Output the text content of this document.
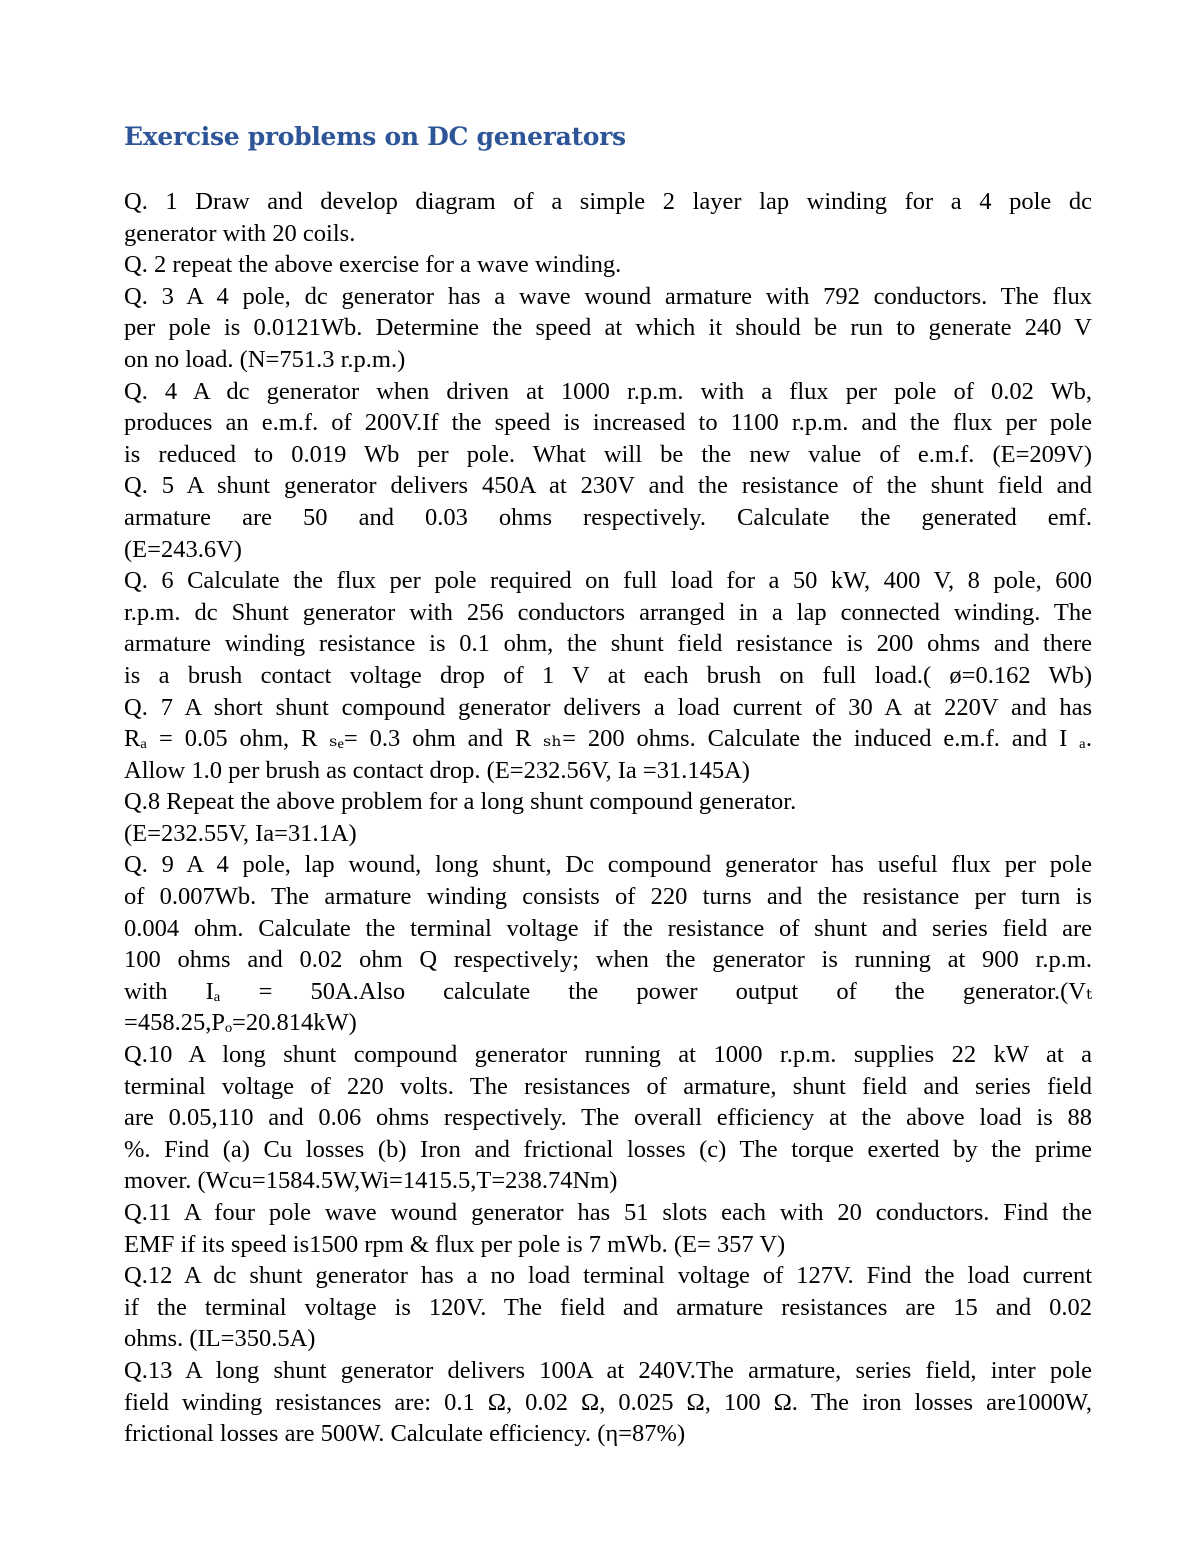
Exercise problems on DC generators
Q. 1 Draw and develop diagram of a simple 2 layer lap winding for a 4 pole dc
generator with 20 coils.
Q. 2 repeat the above exercise for a wave winding.
Q. 3 A 4 pole, dc generator has a wave wound armature with 792 conductors. The flux
per pole is 0.0121Wb. Determine the speed at which it should be run to generate 240 V
on no load. (N=751.3 r.p.m.)
Q. 4 A dc generator when driven at 1000 r.p.m. with a flux per pole of 0.02 Wb,
produces an e.m.f. of 200V.If the speed is increased to 1100 r.p.m. and the flux per pole
is reduced to 0.019 Wb per pole. What will be the new value of e.m.f. (E=209V)
Q. 5 A shunt generator delivers 450A at 230V and the resistance of the shunt field and
armature are 50 and 0.03 ohms respectively. Calculate the generated emf.
(E=243.6V)
Q. 6 Calculate the flux per pole required on full load for a 50 kW, 400 V, 8 pole, 600
r.p.m. dc Shunt generator with 256 conductors arranged in a lap connected winding. The
armature winding resistance is 0.1 ohm, the shunt field resistance is 200 ohms and there
is a brush contact voltage drop of 1 V at each brush on full load.( ø=0.162 Wb)
Q. 7 A short shunt compound generator delivers a load current of 30 A at 220V and has
Rₐ = 0.05 ohm, R ₛₑ= 0.3 ohm and R ₛₕ= 200 ohms. Calculate the induced e.m.f. and I ₐ.
Allow 1.0 per brush as contact drop. (E=232.56V, Ia =31.145A)
Q.8 Repeat the above problem for a long shunt compound generator.
(E=232.55V, Ia=31.1A)
Q. 9 A 4 pole, lap wound, long shunt, Dc compound generator has useful flux per pole
of 0.007Wb. The armature winding consists of 220 turns and the resistance per turn is
0.004 ohm. Calculate the terminal voltage if the resistance of shunt and series field are
100 ohms and 0.02 ohm Q respectively; when the generator is running at 900 r.p.m.
with Iₐ = 50A.Also calculate the power output of the generator.(Vₜ
=458.25,Pₒ=20.814kW)
Q.10 A long shunt compound generator running at 1000 r.p.m. supplies 22 kW at a
terminal voltage of 220 volts. The resistances of armature, shunt field and series field
are 0.05,110 and 0.06 ohms respectively. The overall efficiency at the above load is 88
%. Find (a) Cu losses (b) Iron and frictional losses (c) The torque exerted by the prime
mover. (Wcu=1584.5W,Wi=1415.5,T=238.74Nm)
Q.11 A four pole wave wound generator has 51 slots each with 20 conductors. Find the
EMF if its speed is1500 rpm & flux per pole is 7 mWb. (E= 357 V)
Q.12 A dc shunt generator has a no load terminal voltage of 127V. Find the load current
if the terminal voltage is 120V. The field and armature resistances are 15 and 0.02
ohms. (IL=350.5A)
Q.13 A long shunt generator delivers 100A at 240V.The armature, series field, inter pole
field winding resistances are: 0.1 Ω, 0.02 Ω, 0.025 Ω, 100 Ω. The iron losses are1000W,
frictional losses are 500W. Calculate efficiency. (η=87%)
